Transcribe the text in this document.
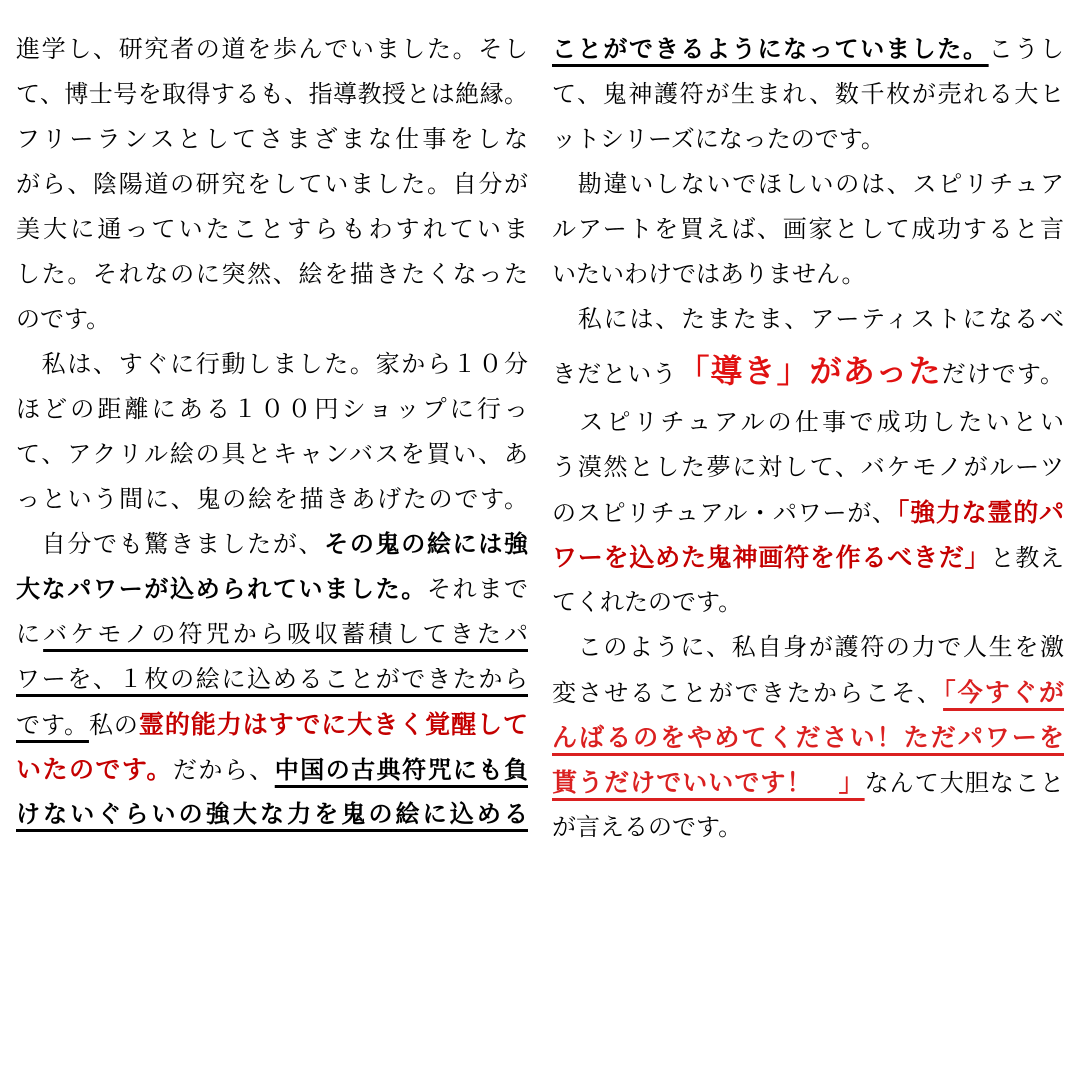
進学し、研究者の道を歩んでいました。そし
て、博士号を取得するも、指導教授とは絶縁。
フリーランスとしてさまざまな仕事をしな
がら、陰陽道の研究をしていました。自分が
美大に通っていたことすらもわすれていま
した。それなのに突然、絵を描きたくなった
のです。
　私は、すぐに行動しました。家から１０分
ほどの距離にある１００円ショップに行っ
て、アクリル絵の具とキャンバスを買い、あ
っという間に、鬼の絵を描きあげたのです。
　自分でも驚きましたが、その鬼の絵には強
大なパワーが込められていました。それまで
にバケモノの符咒から吸収蓄積してきたパ
ワーを、１枚の絵に込めることができたから
です。私の霊的能力はすでに大きく覚醒して
いたのです。だから、中国の古典符咒にも負
けないぐらいの強大な力を鬼の絵に込める
ことができるようになっていました。こうし
て、鬼神護符が生まれ、数千枚が売れる大ヒ
ットシリーズになったのです。
　勘違いしないでほしいのは、スピリチュア
ルアートを買えば、画家として成功すると言
いたいわけではありません。
　私には、たまたま、アーティストになるべ
きだという「導き」があっただけです。
　スピリチュアルの仕事で成功したいとい
う漠然とした夢に対して、バケモノがルーツ
のスピリチュアル・パワーが、「強力な霊的パ
ワーを込めた鬼神画符を作るべきだ」と教え
てくれたのです。
　このように、私自身が護符の力で人生を激
変させることができたからこそ、「今すぐが
んばるのをやめてください！ただパワーを
貰うだけでいいです！　」なんて大胆なこと
が言えるのです。
